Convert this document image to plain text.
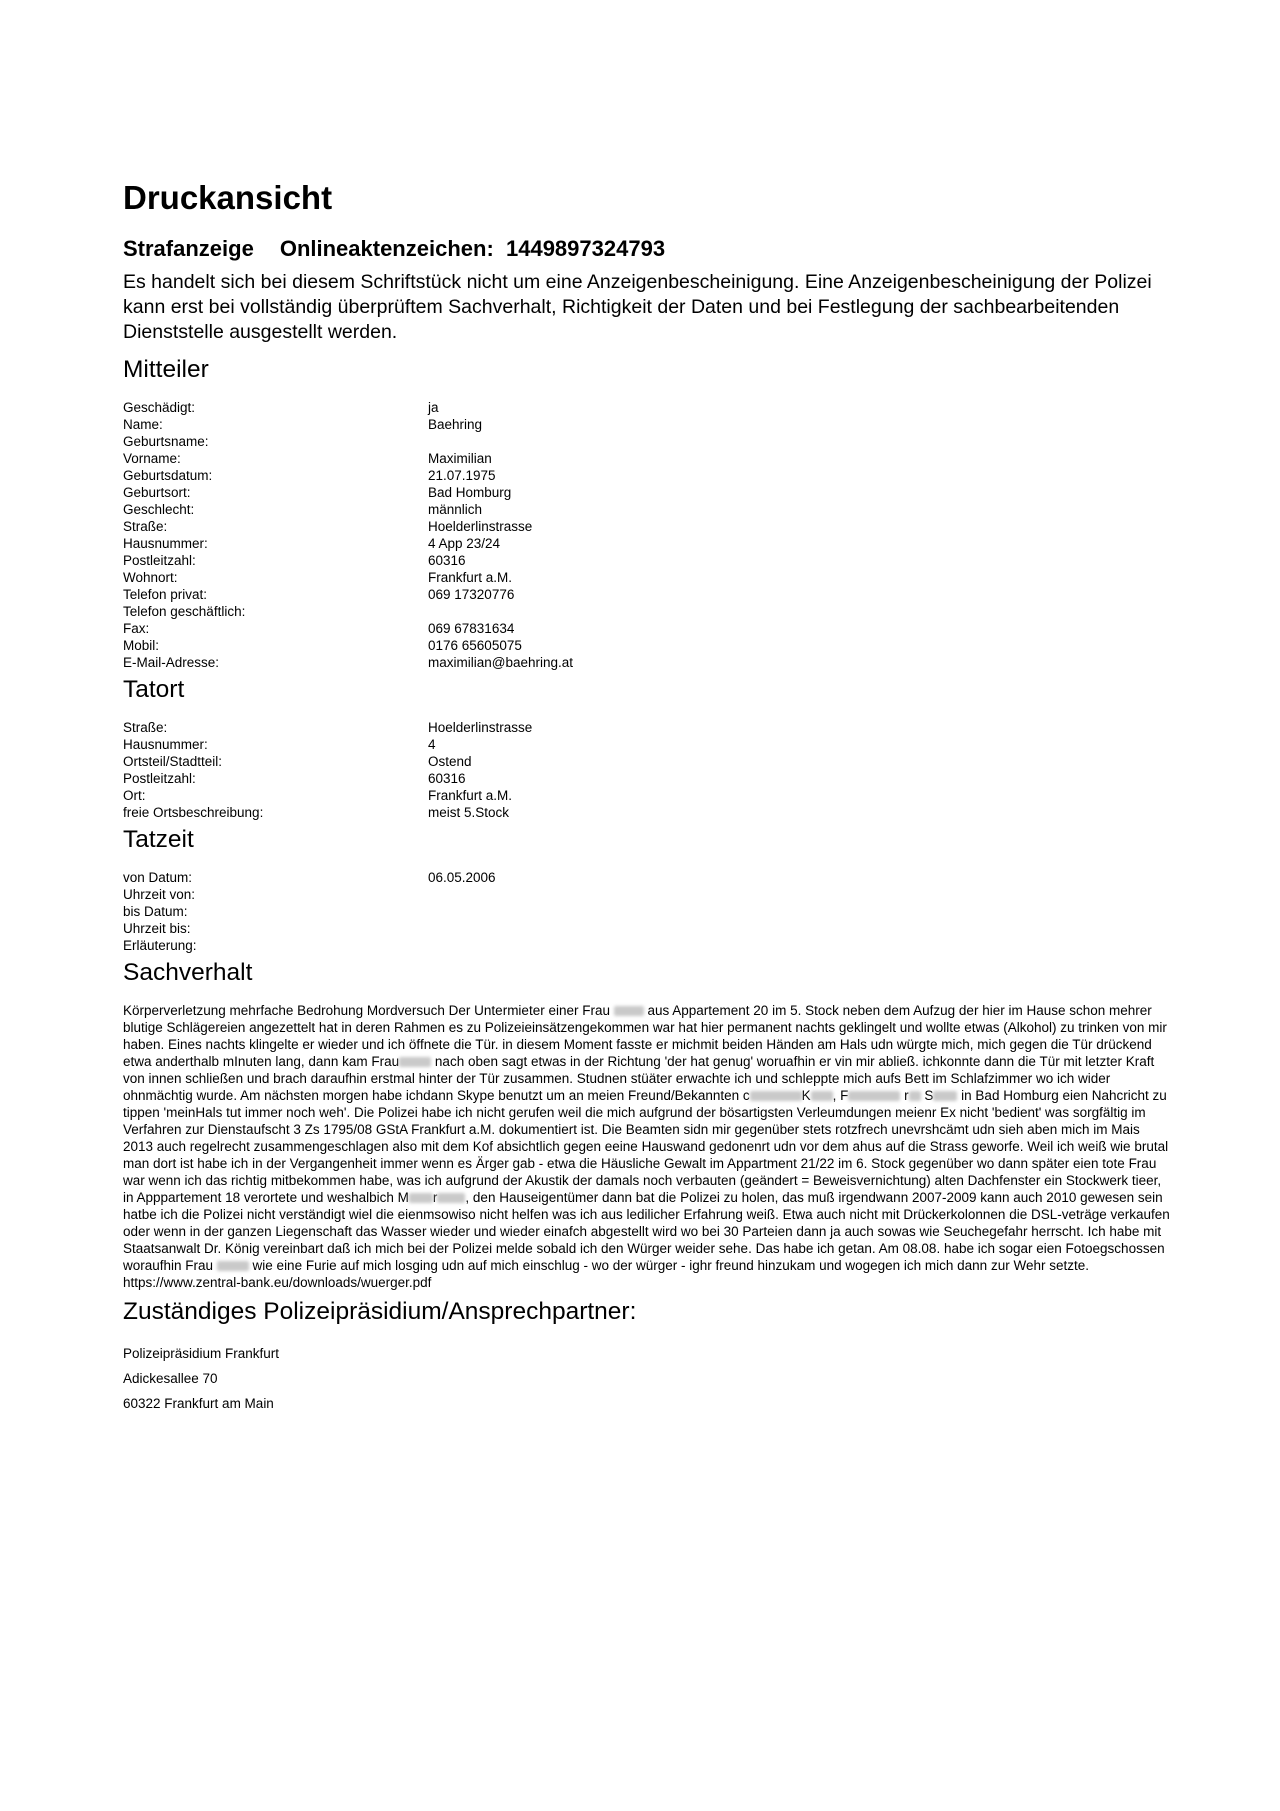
Druckansicht
Strafanzeige Onlineaktenzeichen:  1449897324793

Es handelt sich bei diesem Schriftstück nicht um eine Anzeigenbescheinigung. Eine Anzeigenbescheinigung der Polizei kann erst bei vollständig überprüftem Sachverhalt, Richtigkeit der Daten und bei Festlegung der sachbearbeitenden Dienststelle ausgestellt werden.

Mitteiler
Geschädigt:	ja
Name:	Baehring
Geburtsname:

Vorname:	Maximilian
Geburtsdatum:	21.07.1975
Geburtsort:	Bad Homburg
Geschlecht:	männlich
Straße:	Hoelderlinstrasse
Hausnummer:	4 App 23/24
Postleitzahl:	60316
Wohnort:	Frankfurt a.M.
Telefon privat:	069 17320776
Telefon geschäftlich:

Fax:	069 67831634
Mobil:	0176 65605075
E-Mail-Adresse:	maximilian@baehring.at
Tatort
Straße:	Hoelderlinstrasse
Hausnummer:	4
Ortsteil/Stadtteil:	Ostend
Postleitzahl:	60316
Ort:	Frankfurt a.M.
freie Ortsbeschreibung:	meist 5.Stock
Tatzeit
von Datum:	06.05.2006
Uhrzeit von:

bis Datum:

Uhrzeit bis:

Erläuterung:

Sachverhalt
Körperverletzung mehrfache Bedrohung Mordversuch Der Untermieter einer Frau  aus Appartement 20 im 5. Stock neben dem Aufzug der hier im Hause schon mehrer blutige Schlägereien angezettelt hat in deren Rahmen es zu Polizeieinsätzengekommen war hat hier permanent nachts geklingelt und wollte etwas (Alkohol) zu trinken von mir haben. Eines nachts klingelte er wieder und ich öffnete die Tür. in diesem Moment fasste er michmit beiden Händen am Hals udn würgte mich, mich gegen die Tür drückend etwa anderthalb mInuten lang, dann kam Frau nach oben sagt etwas in der Richtung 'der hat genug' woruafhin er vin mir abließ. ichkonnte dann die Tür mit letzter Kraft von innen schließen und brach daraufhin erstmal hinter der Tür zusammen. Studnen stüäter erwachte ich und schleppte mich aufs Bett im Schlafzimmer wo ich wider ohnmächtig wurde. Am nächsten morgen habe ichdann Skype benutzt um an meien Freund/Bekannten c	K , F	r S in Bad Homburg eien Nahcricht zu tippen 'meinHals tut immer noch weh'. Die Polizei habe ich nicht gerufen weil die mich aufgrund der bösartigsten Verleumdungen meienr Ex nicht 'bedient' was sorgfältig im Verfahren zur Dienstaufscht 3 Zs 1795/08 GStA Frankfurt a.M. dokumentiert ist. Die Beamten sidn mir gegenüber stets rotzfrech unevrshcämt udn sieh aben mich im Mais 2013 auch regelrecht zusammengeschlagen also mit dem Kof absichtlich gegen eeine Hauswand gedonenrt udn vor dem ahus auf die Strass geworfe. Weil ich weiß wie brutal man dort ist habe ich in der Vergangenheit immer wenn es Ärger gab - etwa die Häusliche Gewalt im Appartment 21/22 im 6. Stock gegenüber wo dann später eien tote Frau war wenn ich das richtig mitbekommen habe, was ich aufgrund der Akustik der damals noch verbauten (geändert = Beweisvernichtung) alten Dachfenster ein Stockwerk tieer, in Apppartement 18 verortete und weshalbich M r , den Hauseigentümer dann bat die Polizei zu holen, das muß irgendwann 2007-2009 kann auch 2010 gewesen sein hatbe ich die Polizei nicht verständigt wiel die eienmsowiso nicht helfen was ich aus ledilicher Erfahrung weiß. Etwa auch nicht mit Drückerkolonnen die DSL-veträge verkaufen oder wenn in der ganzen Liegenschaft das Wasser wieder und wieder einafch abgestellt wird wo bei 30 Parteien dann ja auch sowas wie Seuchegefahr herrscht. Ich habe mit Staatsanwalt Dr. König vereinbart daß ich mich bei der Polizei melde sobald ich den Würger weider sehe. Das habe ich getan. Am 08.08. habe ich sogar eien Fotoegschossen woraufhin Frau  wie eine Furie auf mich losging udn auf mich einschlug - wo der würger - ighr freund hinzukam und wogegen ich mich dann zur Wehr setzte. https://www.zentral-bank.eu/downloads/wuerger.pdf
Zuständiges Polizeipräsidium/Ansprechpartner:
Polizeipräsidium Frankfurt
Adickesallee 70
60322 Frankfurt am Main
